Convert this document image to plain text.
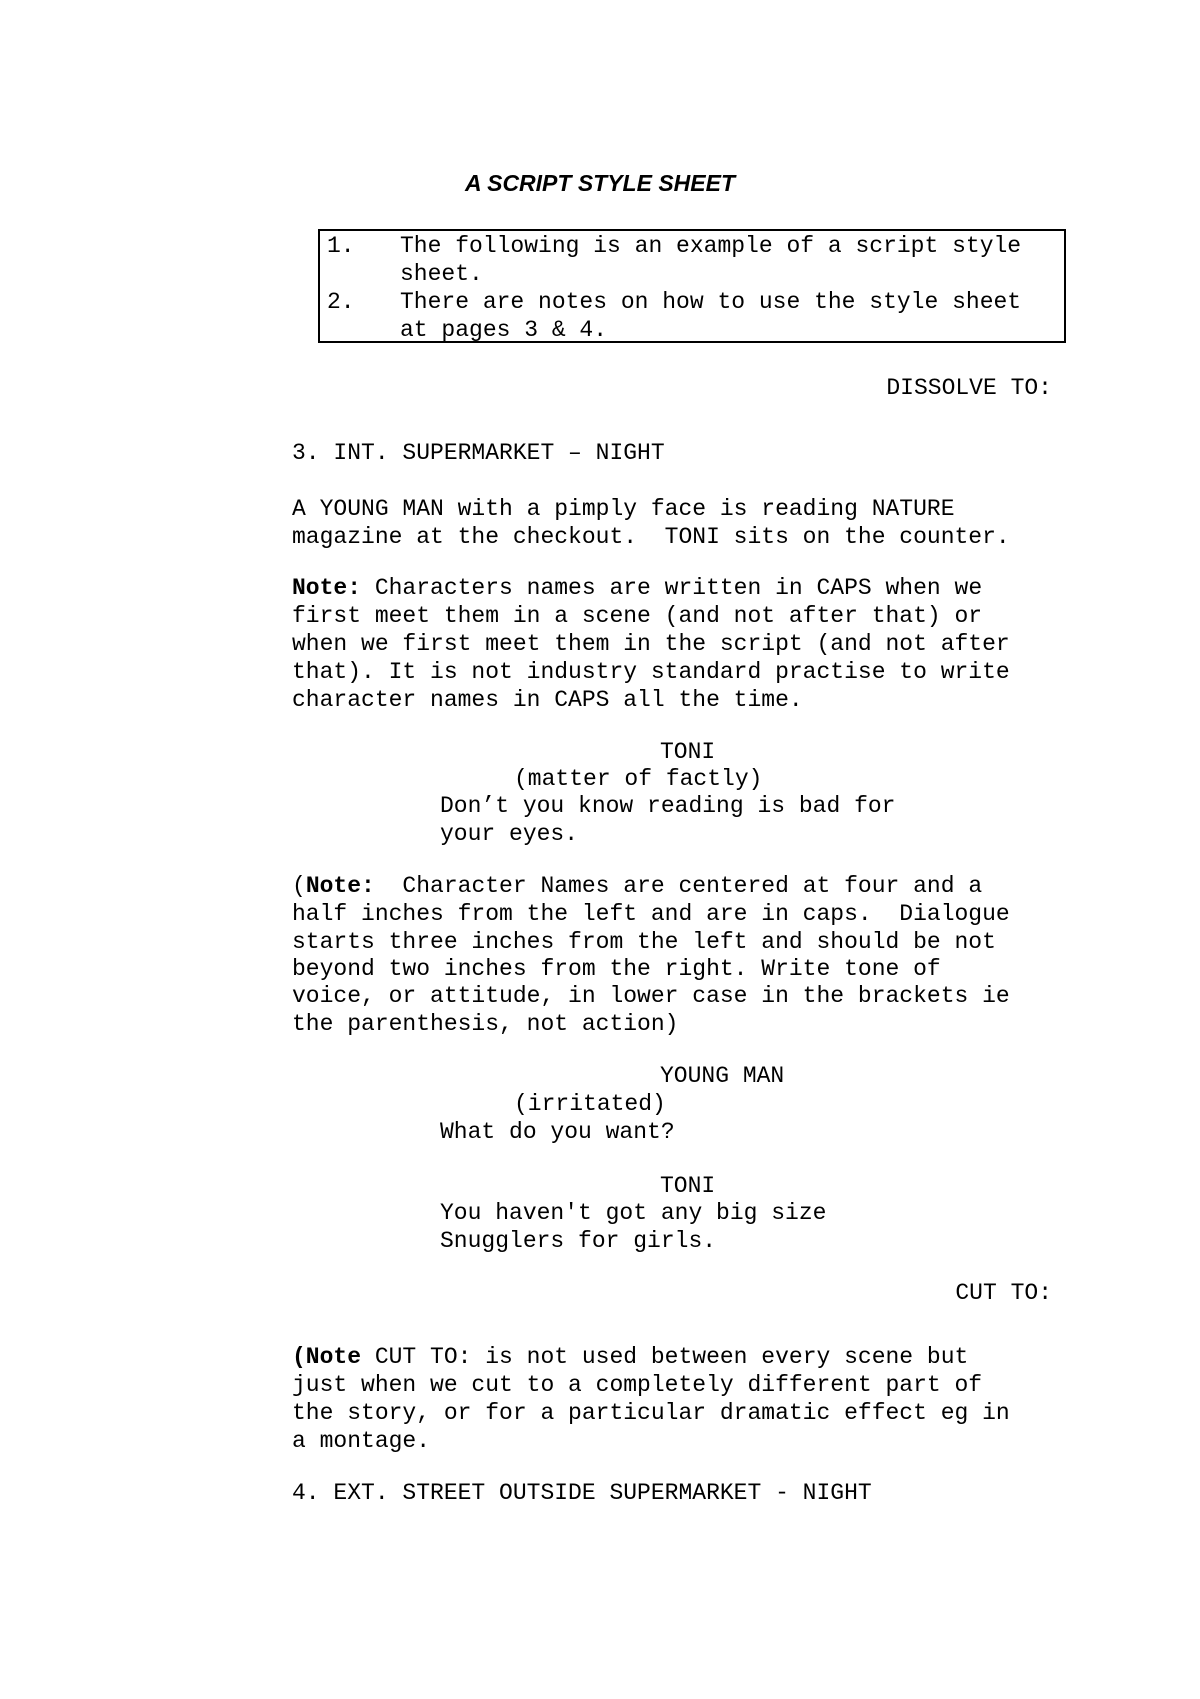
A SCRIPT STYLE SHEET
1. The following is an example of a script style
sheet.
2. There are notes on how to use the style sheet
at pages 3 & 4.
DISSOLVE TO:
3. INT. SUPERMARKET – NIGHT
A YOUNG MAN with a pimply face is reading NATURE
magazine at the checkout.  TONI sits on the counter.
Note: Characters names are written in CAPS when we
first meet them in a scene (and not after that) or
when we first meet them in the script (and not after
that). It is not industry standard practise to write
character names in CAPS all the time.
TONI
(matter of factly)
Don’t you know reading is bad for
your eyes.
(Note:  Character Names are centered at four and a
half inches from the left and are in caps.  Dialogue
starts three inches from the left and should be not
beyond two inches from the right. Write tone of
voice, or attitude, in lower case in the brackets ie
the parenthesis, not action)
YOUNG MAN
(irritated)
What do you want?
TONI
You haven't got any big size
Snugglers for girls.
CUT TO:
(Note CUT TO: is not used between every scene but
just when we cut to a completely different part of
the story, or for a particular dramatic effect eg in
a montage.
4. EXT. STREET OUTSIDE SUPERMARKET - NIGHT
